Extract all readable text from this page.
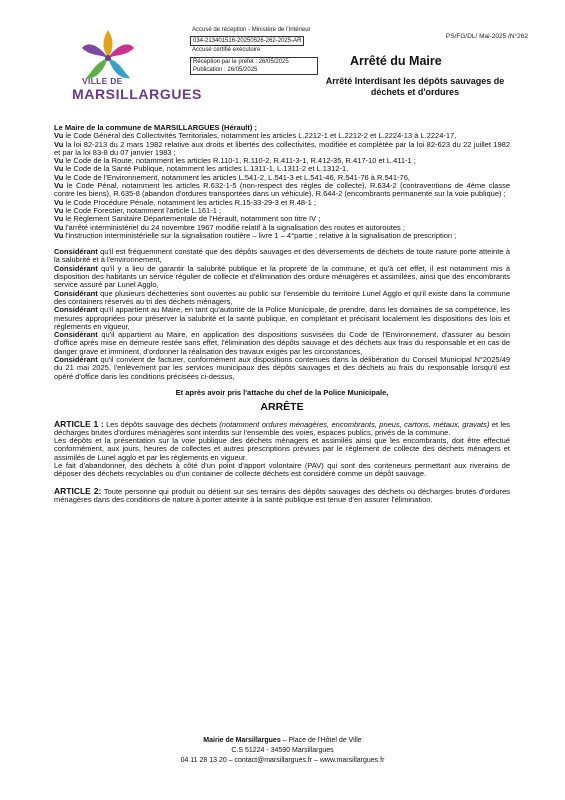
VILLE DE
MARSILLARGUES
Accusé de réception - Ministère de l'Intérieur
034-213401516-20250526-262-2025-AR
Accusé certifié exécutoire
Réception par le préfet : 26/05/2025
Publication : 26/05/2025
PS/FG/DL/ Mai-2025 /N°262
Arrêté du Maire
Arrêté Interdisant les dépôts sauvages de déchets et d'ordures

Le Maire de la commune de MARSILLARGUES (Hérault) ;

Vu le Code Général des Collectivités Territoriales, notamment les articles L.2212-1 et L.2212-2 et L.2224-13 à L.2224-17,

Vu la loi 82-213 du 2 mars 1982 relative aux droits et libertés des collectivités, modifiée et complétée par la loi 82-623 du 22 juillet 1982 et par la loi 83-8 du 07 janvier 1983 ;

Vu le Code de la Route, notamment les articles R.110-1, R.110-2, R.411-3-1, R.412-35, R.417-10 et L.411-1 ;

Vu le Code de la Santé Publique, notamment les articles L.1311-1, L.1311-2 et L.1312-1,

Vu le Code de l'Environnement, notamment les articles L.541-2, L.541-3 et L.541-46, R.541-76 à R.541-76,

Vu le Code Pénal, notamment les articles R.632-1-5 (non-respect des règles de collecte), R.634-2 (contraventions de 4ème classe contre les biens), R.635-8 (abandon d'ordures transportées dans un véhicule), R.644-2 (encombrants permanente sur la voie publique) ;

Vu le Code Procédure Pénale, notamment les articles R.15-33-29-3 et R.48-1 ;

Vu le Code Forestier, notamment l'article L.161-1 ;

Vu le Règlement Sanitaire Départementale de l'Hérault, notamment son titre IV ;

Vu l'arrêté interministériel du 24 novembre 1967 modifié relatif à la signalisation des routes et autoroutes ;

Vu l'instruction interministérielle sur la signalisation routière – livre 1 – 4°partie ; relative à la signalisation de prescription ;

Considérant qu'il est fréquemment constaté que des dépôts sauvages et des déversements de déchets de toute nature porte atteinte à la salubrité et à l'environnement,

Considérant qu'il y a lieu de garantir la salubrité publique et la propreté de la commune, et qu'à cet effet, il est notamment mis à disposition des habitants un service régulier de collecte et d'élimination des ordure ménagères et assimilées, ainsi que des encombrants service assuré par Lunel Agglo,

Considérant que plusieurs déchetteries sont ouvertes au public sur l'ensemble du territoire Lunel Agglo et qu'il existe dans la commune des containers réservés au tri des déchets ménagers,

Considérant qu'il appartient au Maire, en tant qu'autorité de la Police Municipale, de prendre, dans les domaines de sa compétence, les mesures appropriées pour préserver la salubrité et la santé publique, en complétant et précisant localement les dispositions des lois et règlements en vigueur,

Considérant qu'il appartient au Maire, en application des dispositions susvisées du Code de l'Environnement, d'assurer au besoin d'office après mise en demeure restée sans effet, l'élimination des dépôts sauvage et des déchets aux frais du responsable et en cas de danger grave et imminent, d'ordonner la réalisation des travaux exigés par les circonstances,

Considérant qu'il convient de facturer, conformément aux dispositions contenues dans la délibération du Conseil Municipal N°2025/49 du 21 mai 2025, l'enlèvement par les services municipaux des dépôts sauvages et des déchets au frais du responsable lorsqu'il est opéré d'office dans les conditions précisées ci-dessus,

Et après avoir pris l'attache du chef de la Police Municipale,

ARRÊTE

ARTICLE 1 : Les dépôts sauvage des déchets (notamment ordures ménagères, encombrants, pneus, cartons, métaux, gravats) et les décharges brutes d'ordures ménagères sont interdits sur l'ensemble des voies, espaces publics, privés de la commune.

Les dépôts et la présentation sur la voie publique des déchets ménagers et assimilés ainsi que les encombrants, doit être effectué conformément, aux jours, heures de collectes et autres prescriptions prévues par le règlement de collecte des déchets ménagers et assimilés de Lunel agglo et par les règlements en vigueur.

Le fait d'abandonner, des déchets à côté d'un point d'apport volontaire (PAV) qui sont des conteneurs permettant aux riverains de déposer des déchets recyclables ou d'un container de collecte déchets est considéré comme un dépôt sauvage.

ARTICLE 2: Toute personne qui produit ou détient sur ses terrains des dépôts sauvages des déchets ou décharges brutes d'ordures ménagères dans des conditions de nature à porter atteinte à la santé publique est tenue d'en assurer l'élimination.

Mairie de Marsillargues – Place de l'Hôtel de Ville
C.S 51224 - 34590 Marsillargues
04 11 28 13 20 – contact@marsillargues.fr – www.marsillargues.fr
